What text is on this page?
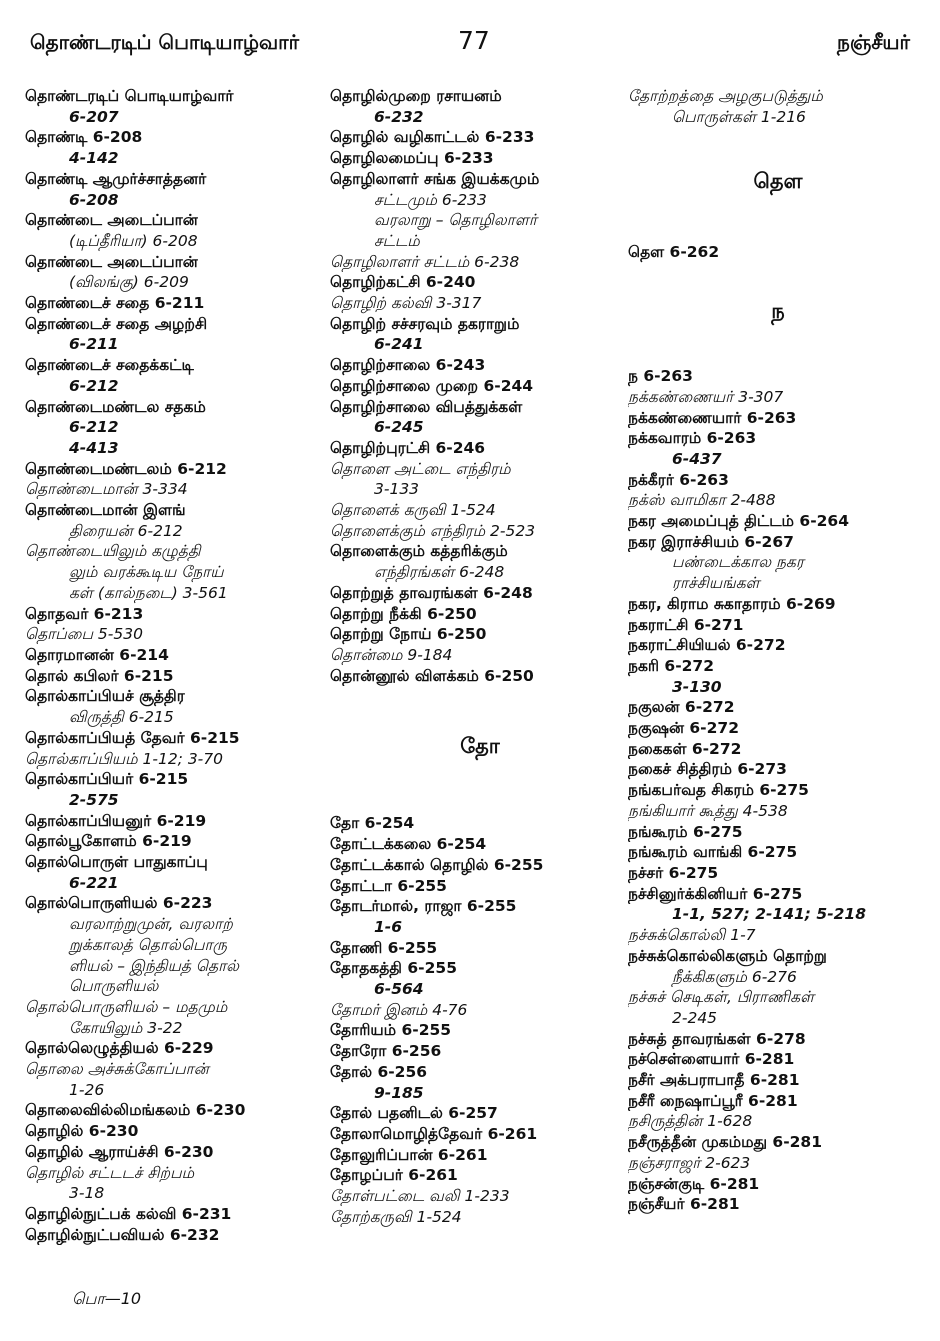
தொண்டரடிப் பொடியாழ்வார்	77	நஞ்சீயர்
தொண்டரடிப் பொடியாழ்வார்
6-207
தொண்டி 6-208
4-142
தொண்டி ஆமுர்ச்சாத்தனர்
6-208
தொண்டை அடைப்பான்
(டிப்தீரியா) 6-208
தொண்டை அடைப்பான்
(விலங்கு) 6-209
தொண்டைச் சதை 6-211
தொண்டைச் சதை அழற்சி
6-211
தொண்டைச் சதைக்கட்டி
6-212
தொண்டைமண்டல சதகம்
6-212
4-413
தொண்டைமண்டலம் 6-212
தொண்டைமான் 3-334
தொண்டைமான் இளங்
திரையன் 6-212
தொண்டையிலும் கழுத்தி
லும் வரக்கூடிய நோய்
கள் (கால்நடை) 3-561
தொதவர் 6-213
தொப்பை 5-530
தொரமானன் 6-214
தொல் கபிலர் 6-215
தொல்காப்பியச் சூத்திர
விருத்தி 6-215
தொல்காப்பியத் தேவர் 6-215
தொல்காப்பியம் 1-12; 3-70
தொல்காப்பியர் 6-215
2-575
தொல்காப்பியனுர் 6-219
தொல்பூகோளம் 6-219
தொல்பொருள் பாதுகாப்பு
6-221
தொல்பொருளியல் 6-223
வரலாற்றுமுன், வரலாற்
றுக்காலத் தொல்பொரு
ளியல் – இந்தியத் தொல்
பொருளியல்
தொல்பொருளியல் – மதமும்
கோயிலும் 3-22
தொல்லெழுத்தியல் 6-229
தொலை அச்சுக்கோப்பான்
1-26
தொலைவில்லிமங்கலம் 6-230
தொழில் 6-230
தொழில் ஆராய்ச்சி 6-230
தொழில் சட்டடச் சிற்பம்
3-18
தொழில்நுட்பக் கல்வி 6-231
தொழில்நுட்பவியல் 6-232
தொழில்முறை ரசாயனம்
6-232
தொழில் வழிகாட்டல் 6-233
தொழிலமைப்பு 6-233
தொழிலாளர் சங்க இயக்கமும்
சட்டமும் 6-233
வரலாறு – தொழிலாளர்
சட்டம்
தொழிலாளர் சட்டம் 6-238
தொழிற்கட்சி 6-240
தொழிற் கல்வி 3-317
தொழிற் சச்சரவும் தகராறும்
6-241
தொழிற்சாலை 6-243
தொழிற்சாலை முறை 6-244
தொழிற்சாலை விபத்துக்கள்
6-245
தொழிற்புரட்சி 6-246
தொளை அட்டை எந்திரம்
3-133
தொளைக் கருவி 1-524
தொளைக்கும் எந்திரம் 2-523
தொளைக்கும் கத்தரிக்கும்
எந்திரங்கள் 6-248
தொற்றுத் தாவரங்கள் 6-248
தொற்று நீக்கி 6-250
தொற்று நோய் 6-250
தொன்மை 9-184
தொன்னூல் விளக்கம் 6-250
தோ
தோ 6-254
தோட்டக்கலை 6-254
தோட்டக்கால் தொழில் 6-255
தோட்டா 6-255
தோடர்மால், ராஜா 6-255
1-6
தோணி 6-255
தோதகத்தி 6-255
6-564
தோமர் இனம் 4-76
தோரியம் 6-255
தோரோ 6-256
தோல் 6-256
9-185
தோல் பதனிடல் 6-257
தோலாமொழித்தேவர் 6-261
தோலுரிப்பான் 6-261
தோழப்பர் 6-261
தோள்பட்டை வலி 1-233
தோற்கருவி 1-524
தோற்றத்தை அழகுபடுத்தும்
பொருள்கள் 1-216
தெள
தெள 6-262
ந
ந 6-263
நக்கண்ணையர் 3-307
நக்கண்ணையார் 6-263
நக்கவாரம் 6-263
6-437
நக்கீரர் 6-263
நக்ஸ் வாமிகா 2-488
நகர அமைப்புத் திட்டம் 6-264
நகர இராச்சியம் 6-267
பண்டைக்கால நகர
ராச்சியங்கள்
நகர, கிராம சுகாதாரம் 6-269
நகராட்சி 6-271
நகராட்சியியல் 6-272
நகரி 6-272
3-130
நகுலன் 6-272
நகுஷன் 6-272
நகைகள் 6-272
நகைச் சித்திரம் 6-273
நங்கபர்வத சிகரம் 6-275
நங்கியார் கூத்து 4-538
நங்கூரம் 6-275
நங்கூரம் வாங்கி 6-275
நச்சர் 6-275
நச்சினுர்க்கினியர் 6-275
1-1, 527; 2-141; 5-218
நச்சுக்கொல்லி 1-7
நச்சுக்கொல்லிகளும் தொற்று
நீக்கிகளும் 6-276
நச்சுச் செடிகள், பிராணிகள்
2-245
நச்சுத் தாவரங்கள் 6-278
நச்செள்ளையார் 6-281
நசீர் அக்பராபாதீ 6-281
நசீரீ நைஷாப்பூரீ 6-281
நசிருத்தின் 1-628
நசீருத்தீன் முகம்மது 6-281
நஞ்சராஜர் 2-623
நஞ்சன்குடி 6-281
நஞ்சீயர் 6-281
பொ—10
